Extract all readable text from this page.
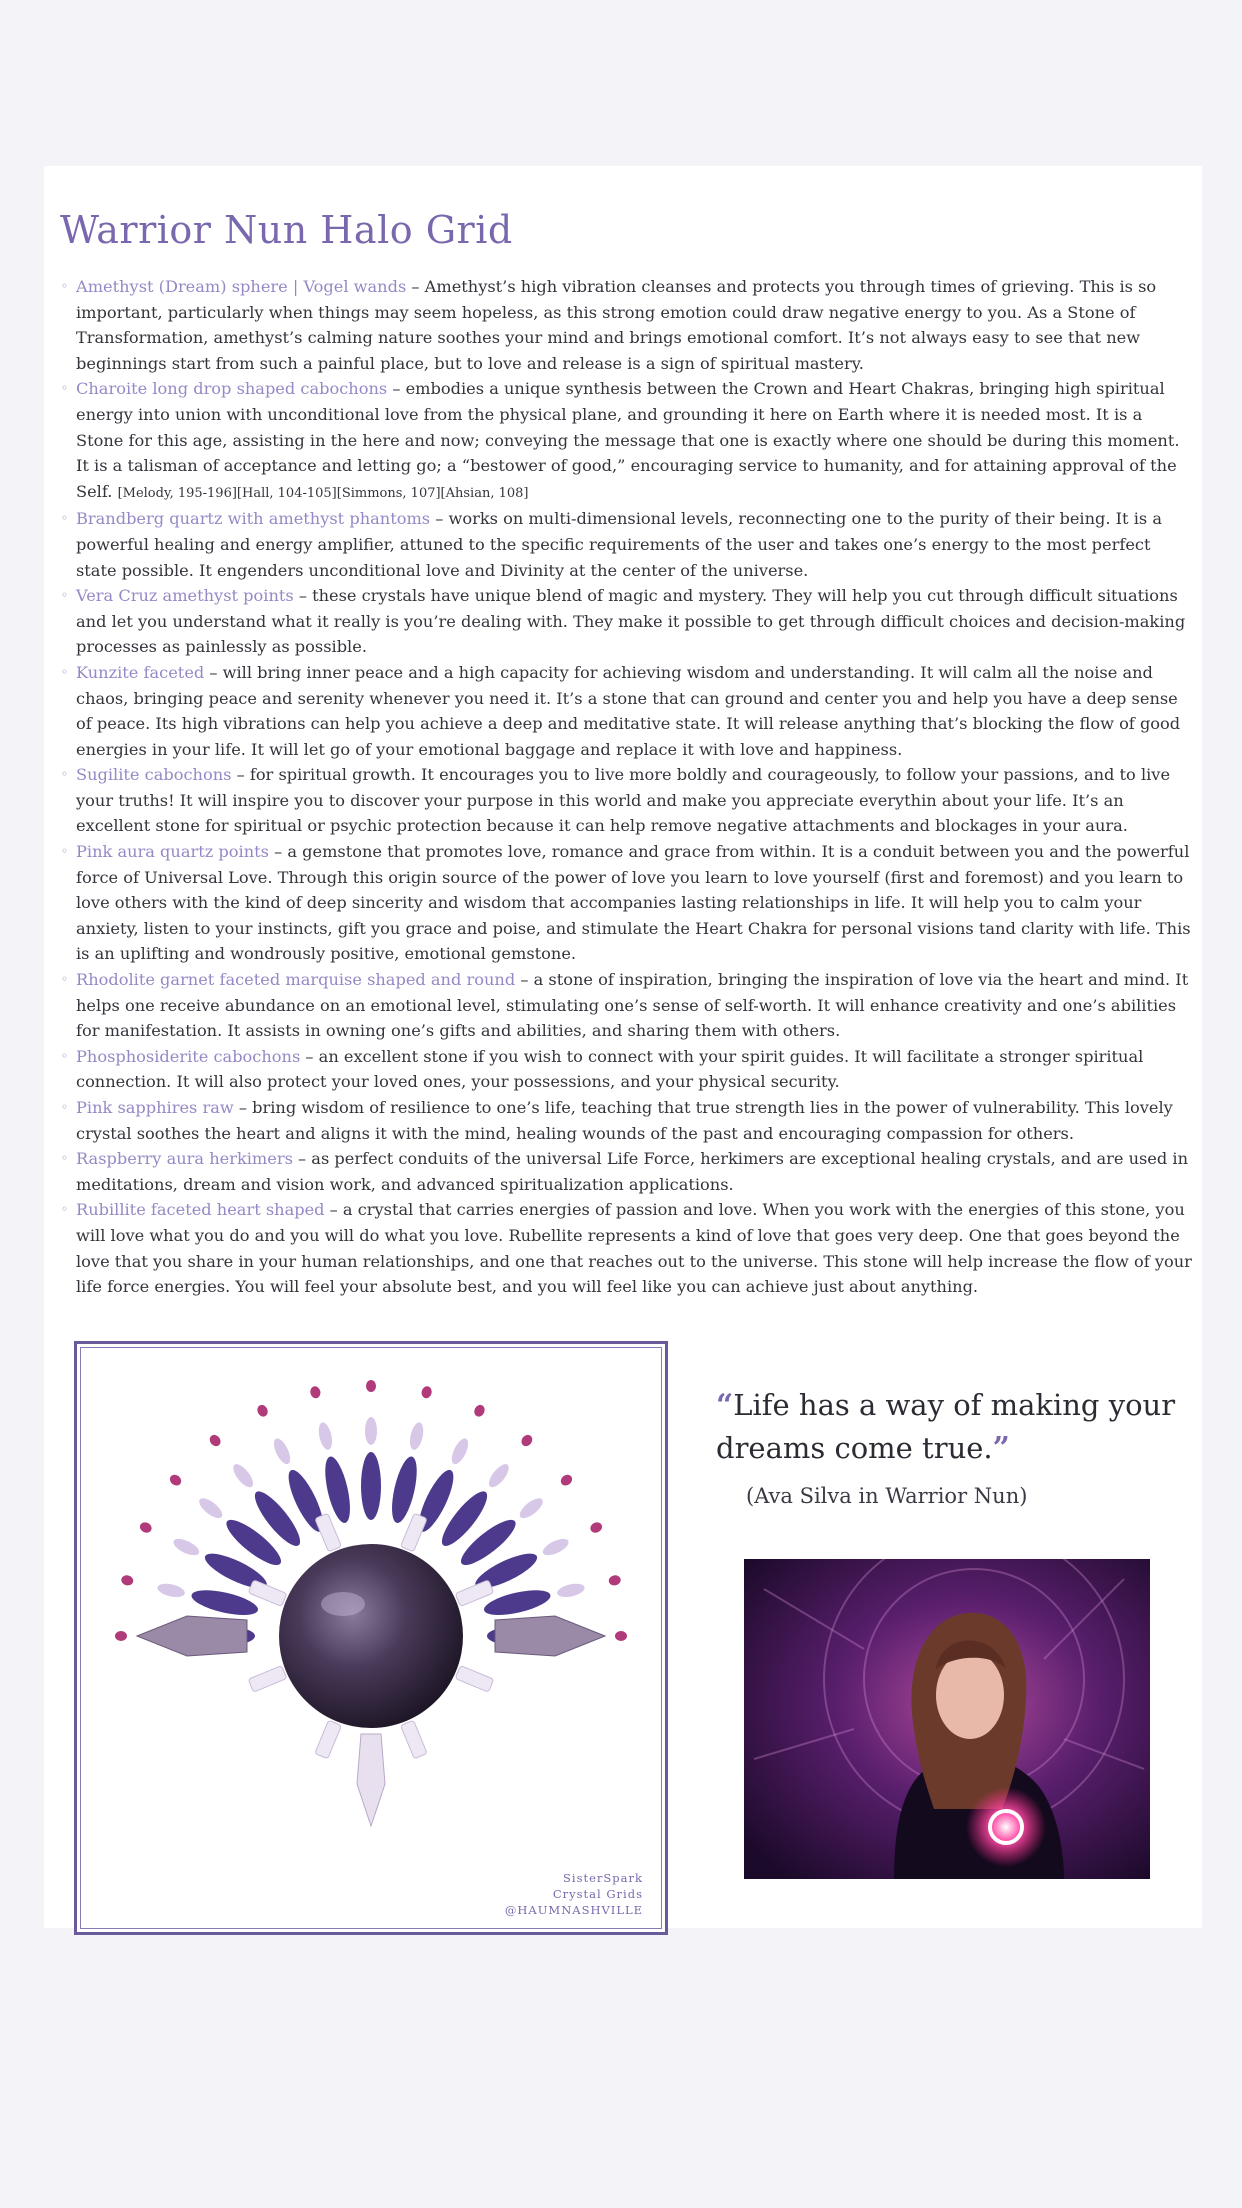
Warrior Nun Halo Grid
◦ Amethyst (Dream) sphere | Vogel wands – Amethyst’s high vibration cleanses and protects you through times of grieving. This is so important, particularly when things may seem hopeless, as this strong emotion could draw negative energy to you. As a Stone of Transformation, amethyst’s calming nature soothes your mind and brings emotional comfort. It’s not always easy to see that new beginnings start from such a painful place, but to love and release is a sign of spiritual mastery.
◦ Charoite long drop shaped cabochons – embodies a unique synthesis between the Crown and Heart Chakras, bringing high spiritual energy into union with unconditional love from the physical plane, and grounding it here on Earth where it is needed most. It is a Stone for this age, assisting in the here and now; conveying the message that one is exactly where one should be during this moment. It is a talisman of acceptance and letting go; a “bestower of good,” encouraging service to humanity, and for attaining approval of the Self. [Melody, 195-196][Hall, 104-105][Simmons, 107][Ahsian, 108]
◦ Brandberg quartz with amethyst phantoms – works on multi-dimensional levels, reconnecting one to the purity of their being. It is a powerful healing and energy amplifier, attuned to the specific requirements of the user and takes one’s energy to the most perfect state possible. It engenders unconditional love and Divinity at the center of the universe.
◦ Vera Cruz amethyst points – these crystals have unique blend of magic and mystery. They will help you cut through difficult situations and let you understand what it really is you’re dealing with. They make it possible to get through difficult choices and decision-making processes as painlessly as possible.
◦ Kunzite faceted – will bring inner peace and a high capacity for achieving wisdom and understanding. It will calm all the noise and chaos, bringing peace and serenity whenever you need it. It’s a stone that can ground and center you and help you have a deep sense of peace. Its high vibrations can help you achieve a deep and meditative state. It will release anything that’s blocking the flow of good energies in your life. It will let go of your emotional baggage and replace it with love and happiness.
◦ Sugilite cabochons – for spiritual growth. It encourages you to live more boldly and courageously, to follow your passions, and to live your truths! It will inspire you to discover your purpose in this world and make you appreciate everythin about your life. It’s an excellent stone for spiritual or psychic protection because it can help remove negative attachments and blockages in your aura.
◦ Pink aura quartz points – a gemstone that promotes love, romance and grace from within. It is a conduit between you and the powerful force of Universal Love. Through this origin source of the power of love you learn to love yourself (first and foremost) and you learn to love others with the kind of deep sincerity and wisdom that accompanies lasting relationships in life. It will help you to calm your anxiety, listen to your instincts, gift you grace and poise, and stimulate the Heart Chakra for personal visions tand clarity with life. This is an uplifting and wondrously positive, emotional gemstone.
◦ Rhodolite garnet faceted marquise shaped and round – a stone of inspiration, bringing the inspiration of love via the heart and mind. It helps one receive abundance on an emotional level, stimulating one’s sense of self-worth. It will enhance creativity and one’s abilities for manifestation. It assists in owning one’s gifts and abilities, and sharing them with others.
◦ Phosphosiderite cabochons – an excellent stone if you wish to connect with your spirit guides. It will facilitate a stronger spiritual connection. It will also protect your loved ones, your possessions, and your physical security.
◦ Pink sapphires raw – bring wisdom of resilience to one’s life, teaching that true strength lies in the power of vulnerability. This lovely crystal soothes the heart and aligns it with the mind, healing wounds of the past and encouraging compassion for others.
◦ Raspberry aura herkimers – as perfect conduits of the universal Life Force, herkimers are exceptional healing crystals, and are used in meditations, dream and vision work, and advanced spiritualization applications.
◦ Rubillite faceted heart shaped – a crystal that carries energies of passion and love. When you work with the energies of this stone, you will love what you do and you will do what you love. Rubellite represents a kind of love that goes very deep. One that goes beyond the love that you share in your human relationships, and one that reaches out to the universe. This stone will help increase the flow of your life force energies. You will feel your absolute best, and you will feel like you can achieve just about anything.
SisterSpark
Crystal Grids
@HAUMNASHVILLE

“Life has a way of making your dreams come true.”

(Ava Silva in Warrior Nun)
